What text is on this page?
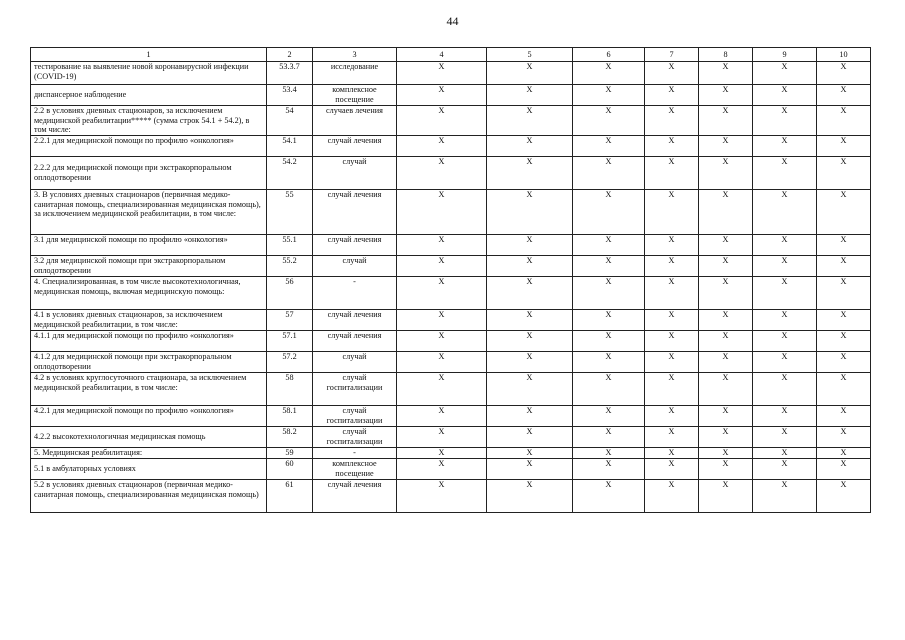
44
1	2	3	4	5	6	7	8	9	10
тестирование на выявление новой коронавирусной инфекции (COVID-19)	53.3.7	исследование	X	X	X	X	X	X	X
диспансерное наблюдение	53.4	комплексное посещение	X	X	X	X	X	X	X
2.2 в условиях дневных стационаров, за исключением медицинской реабилитации***** (сумма строк 54.1 + 54.2), в том числе:	54	случаев лечения	X	X	X	X	X	X	X
2.2.1 для медицинской помощи по профилю «онкология»	54.1	случай лечения	X	X	X	X	X	X	X
2.2.2 для медицинской помощи при экстракорпоральном оплодотворении	54.2	случай	X	X	X	X	X	X	X
3. В условиях дневных стационаров (первичная медико-санитарная помощь, специализированная медицинская помощь), за исключением медицинской реабилитации, в том числе:	55	случай лечения	X	X	X	X	X	X	X
3.1 для медицинской помощи по профилю «онкология»	55.1	случай лечения	X	X	X	X	X	X	X
3.2 для медицинской помощи при экстракорпоральном оплодотворении	55.2	случай	X	X	X	X	X	X	X
4. Специализированная, в том числе высокотехнологичная, медицинская помощь, включая медицинскую помощь:	56	-	X	X	X	X	X	X	X
4.1 в условиях дневных стационаров, за исключением медицинской реабилитации, в том числе:	57	случай лечения	X	X	X	X	X	X	X
4.1.1 для медицинской помощи по профилю «онкология»	57.1	случай лечения	X	X	X	X	X	X	X
4.1.2 для медицинской помощи при экстракорпоральном оплодотворении	57.2	случай	X	X	X	X	X	X	X
4.2 в условиях круглосуточного стационара, за исключением медицинской реабилитации, в том числе:	58	случай госпитализации	X	X	X	X	X	X	X
4.2.1 для медицинской помощи по профилю «онкология»	58.1	случай госпитализации	X	X	X	X	X	X	X
4.2.2 высокотехнологичная медицинская помощь	58.2	случай госпитализации	X	X	X	X	X	X	X
5. Медицинская реабилитация:	59	-	X	X	X	X	X	X	X
5.1 в амбулаторных условиях	60	комплексное посещение	X	X	X	X	X	X	X
5.2 в условиях дневных стационаров (первичная медико-санитарная помощь, специализированная медицинская помощь)	61	случай лечения	X	X	X	X	X	X	X
